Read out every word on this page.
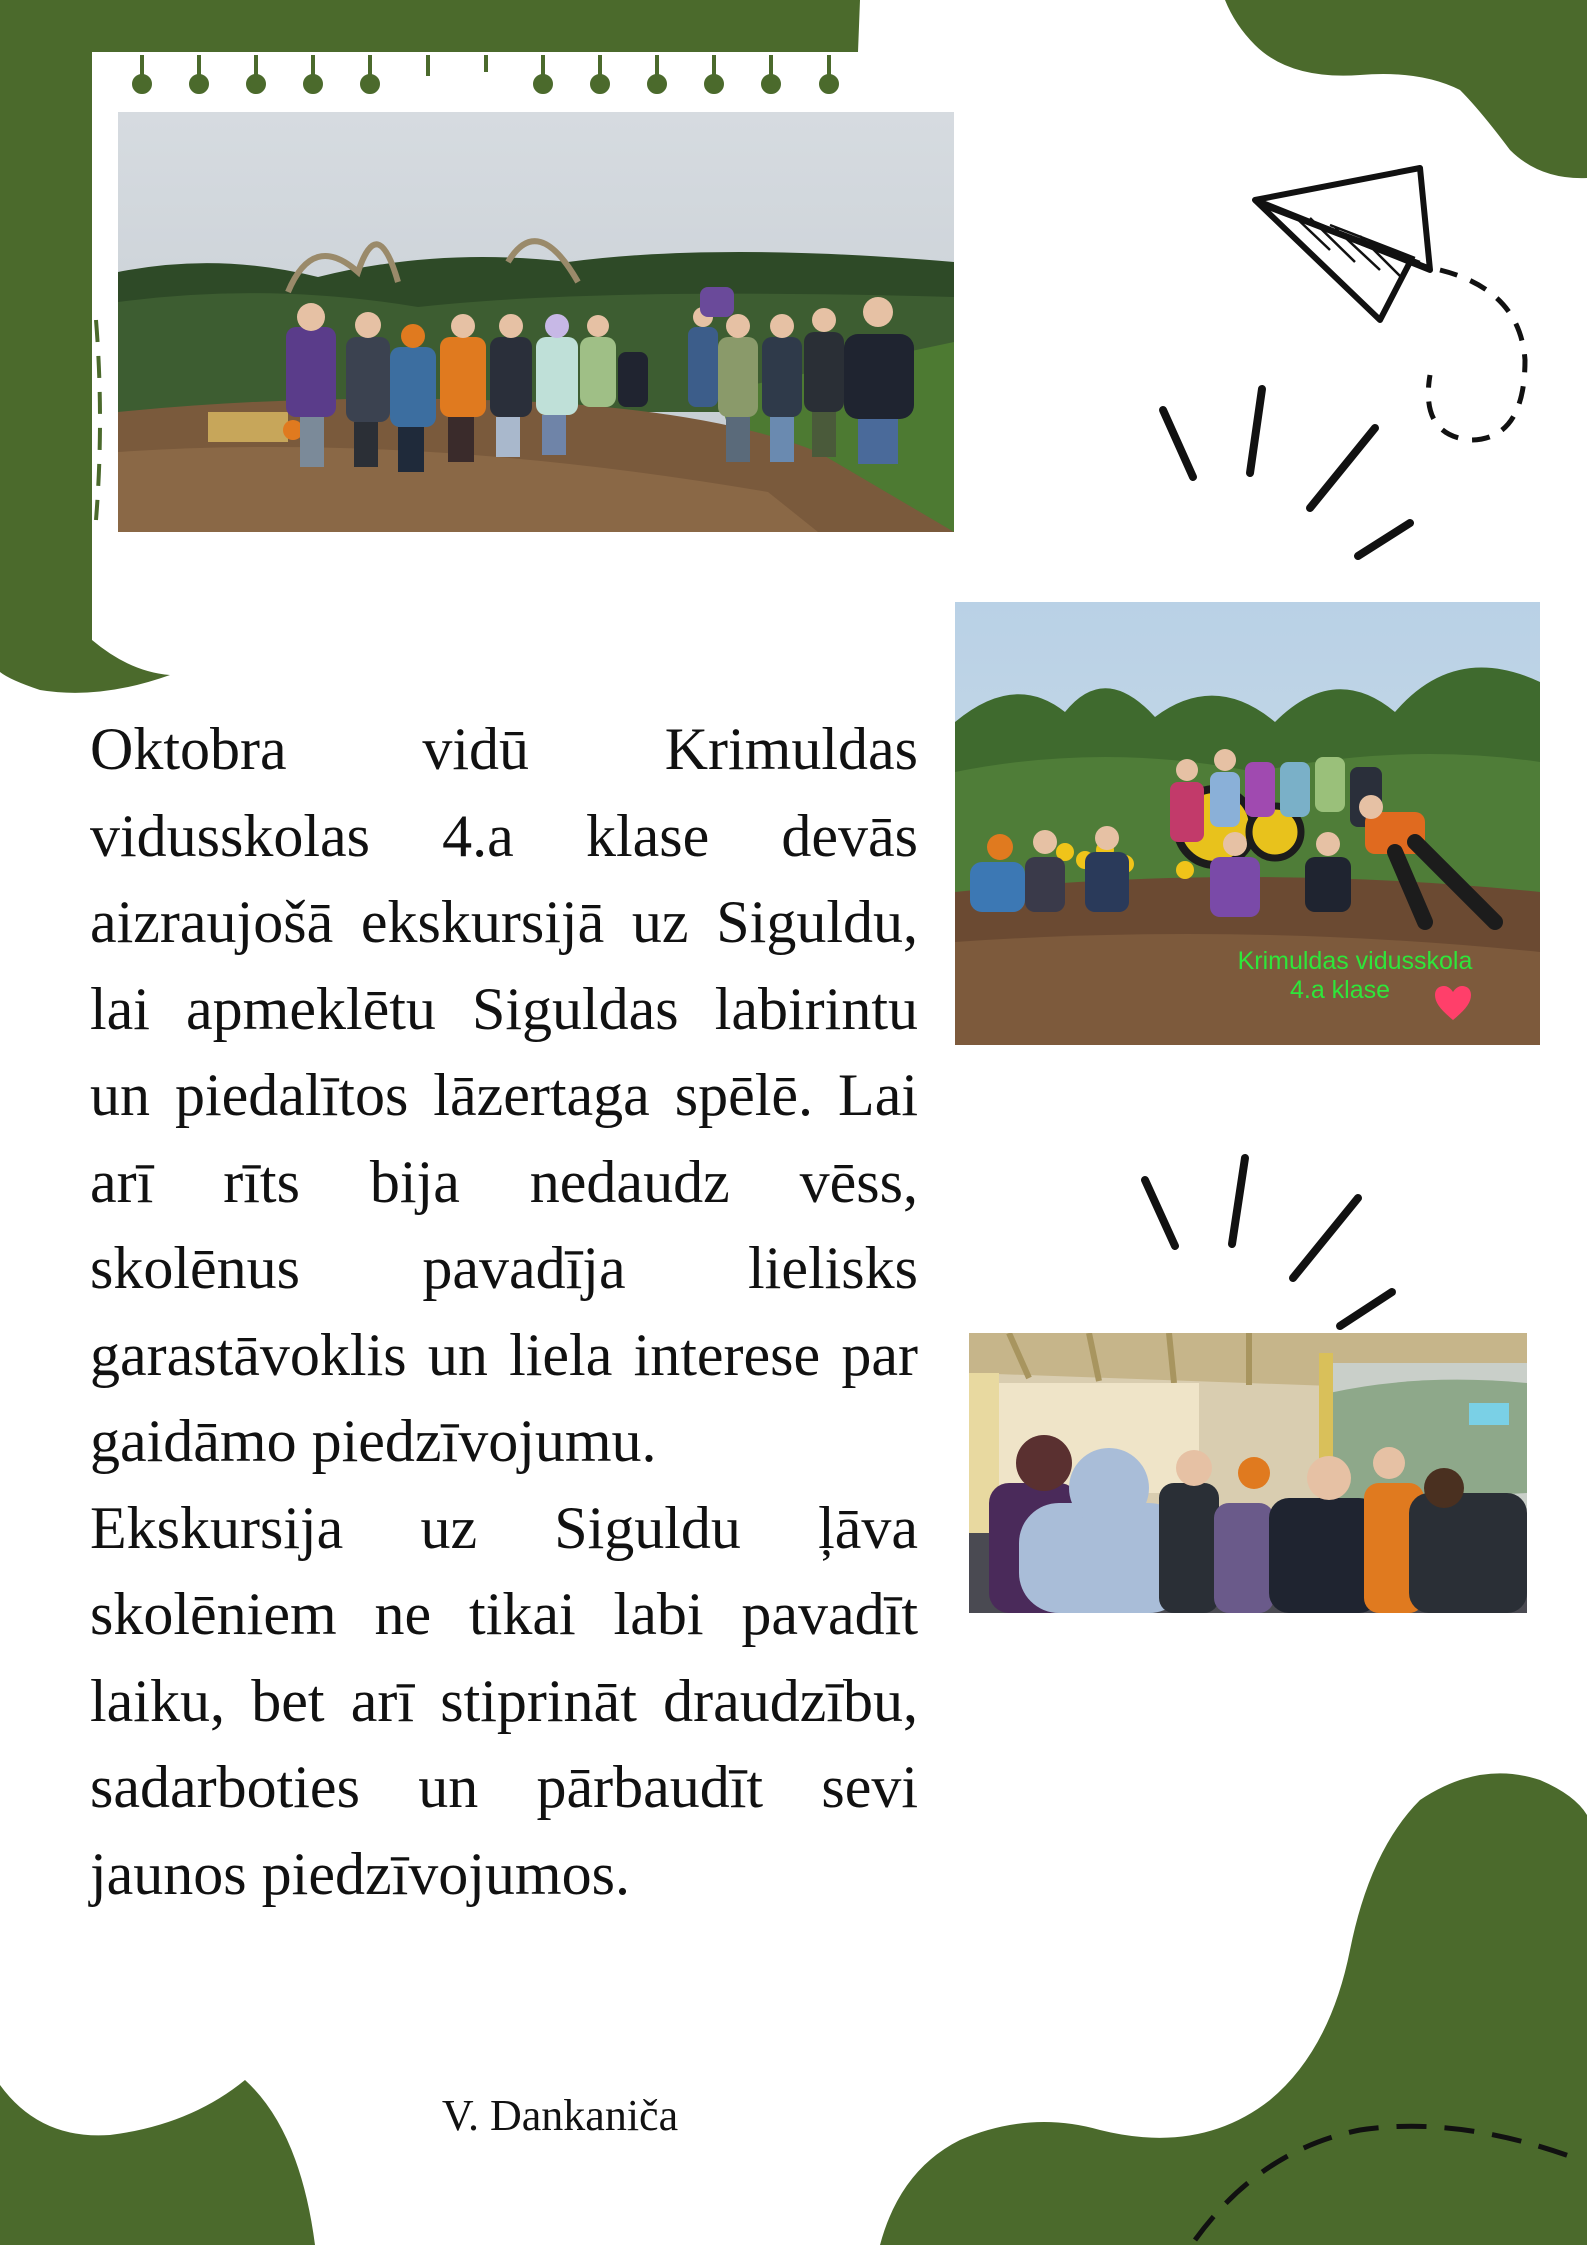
Krimuldas vidusskola
4.a klase

Oktobra vidū Krimuldas vidusskolas 4.a klase devās aizraujošā ekskursijā uz Siguldu, lai apmeklētu Siguldas labirintu un piedalītos lāzertaga spēlē. Lai arī rīts bija nedaudz vēss, skolēnus pavadīja lielisks garastāvoklis un liela interese par gaidāmo piedzīvojumu.

Ekskursija uz Siguldu ļāva skolēniem ne tikai labi pavadīt laiku, bet arī stiprināt draudzību, sadarboties un pārbaudīt sevi jaunos piedzīvojumos.

V. Dankaniča
